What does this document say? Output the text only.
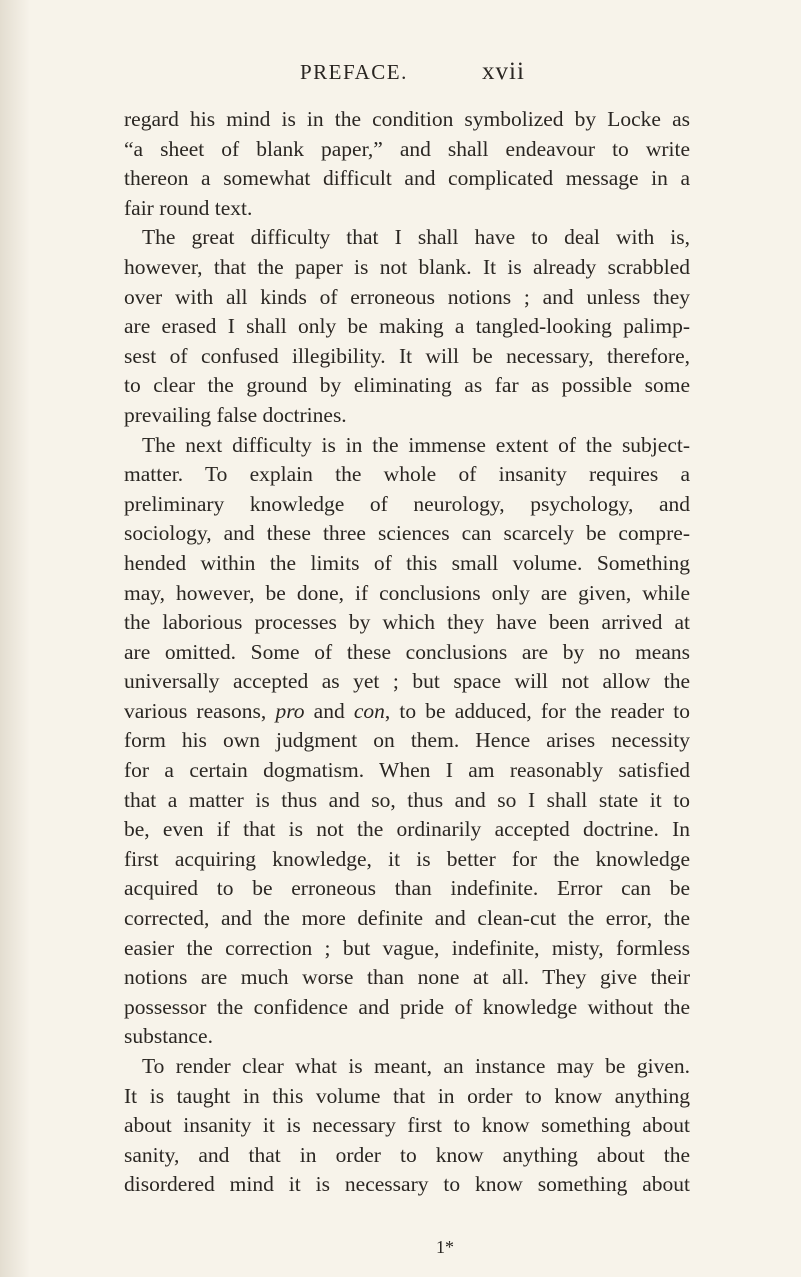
PREFACE.	xvii
regard his mind is in the condition symbolized by Locke as
“a sheet of blank paper,” and shall endeavour to write
thereon a somewhat difficult and complicated message in a
fair round text.
The great difficulty that I shall have to deal with is,
however, that the paper is not blank. It is already scrabbled
over with all kinds of erroneous notions ; and unless they
are erased I shall only be making a tangled-looking palimp-
sest of confused illegibility. It will be necessary, therefore,
to clear the ground by eliminating as far as possible some
prevailing false doctrines.
The next difficulty is in the immense extent of the subject-
matter. To explain the whole of insanity requires a
preliminary knowledge of neurology, psychology, and
sociology, and these three sciences can scarcely be compre-
hended within the limits of this small volume. Something
may, however, be done, if conclusions only are given, while
the laborious processes by which they have been arrived at
are omitted. Some of these conclusions are by no means
universally accepted as yet ; but space will not allow the
various reasons, pro and con, to be adduced, for the reader to
form his own judgment on them. Hence arises necessity
for a certain dogmatism. When I am reasonably satisfied
that a matter is thus and so, thus and so I shall state it to
be, even if that is not the ordinarily accepted doctrine. In
first acquiring knowledge, it is better for the knowledge
acquired to be erroneous than indefinite. Error can be
corrected, and the more definite and clean-cut the error, the
easier the correction ; but vague, indefinite, misty, formless
notions are much worse than none at all. They give their
possessor the confidence and pride of knowledge without the
substance.
To render clear what is meant, an instance may be given.
It is taught in this volume that in order to know anything
about insanity it is necessary first to know something about
sanity, and that in order to know anything about the
disordered mind it is necessary to know something about
1*
